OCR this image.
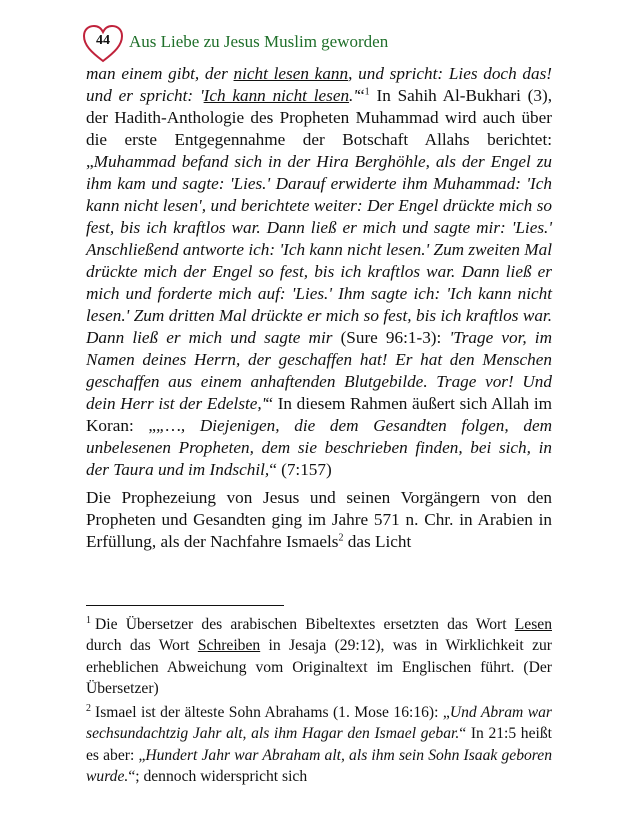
44	Aus Liebe zu Jesus Muslim geworden

man einem gibt, der nicht lesen kann, und spricht: Lies doch das! und er spricht: 'Ich kann nicht lesen.'“$^1$ In Sahih Al-Bukhari (3), der Hadith-Anthologie des Propheten Muhammad wird auch über die erste Entgegennahme der Botschaft Allahs berichtet: „Muhammad befand sich in der Hira Berghöhle, als der Engel zu ihm kam und sagte: 'Lies.' Darauf erwiderte ihm Muhammad: 'Ich kann nicht lesen', und berichtete weiter: Der Engel drückte mich so fest, bis ich kraftlos war. Dann ließ er mich und sagte mir: 'Lies.' Anschließend antworte ich: 'Ich kann nicht lesen.' Zum zweiten Mal drückte mich der Engel so fest, bis ich kraftlos war. Dann ließ er mich und forderte mich auf: 'Lies.' Ihm sagte ich: 'Ich kann nicht lesen.' Zum dritten Mal drückte er mich so fest, bis ich kraftlos war. Dann ließ er mich und sagte mir (Sure 96:1-3): 'Trage vor, im Namen deines Herrn, der geschaffen hat! Er hat den Menschen geschaffen aus einem anhaftenden Blutgebilde. Trage vor! Und dein Herr ist der Edelste,'“ In diesem Rahmen äußert sich Allah im Koran: „„…, Diejenigen, die dem Gesandten folgen, dem unbelesenen Propheten, dem sie beschrieben finden, bei sich, in der Taura und im Indschil,“ (7:157)

Die Prophezeiung von Jesus und seinen Vorgängern von den Propheten und Gesandten ging im Jahre 571 n. Chr. in Arabien in Erfüllung, als der Nachfahre Ismaels$^2$ das Licht

$^1$ Die Übersetzer des arabischen Bibeltextes ersetzten das Wort Lesen durch das Wort Schreiben in Jesaja (29:12), was in Wirklichkeit zur erheblichen Abweichung vom Originaltext im Englischen führt. (Der Übersetzer)

$^2$ Ismael ist der älteste Sohn Abrahams (1. Mose 16:16): „Und Abram war sechsundachtzig Jahr alt, als ihm Hagar den Ismael gebar.“ In 21:5 heißt es aber: „Hundert Jahr war Abraham alt, als ihm sein Sohn Isaak geboren wurde.“; dennoch widerspricht sich
